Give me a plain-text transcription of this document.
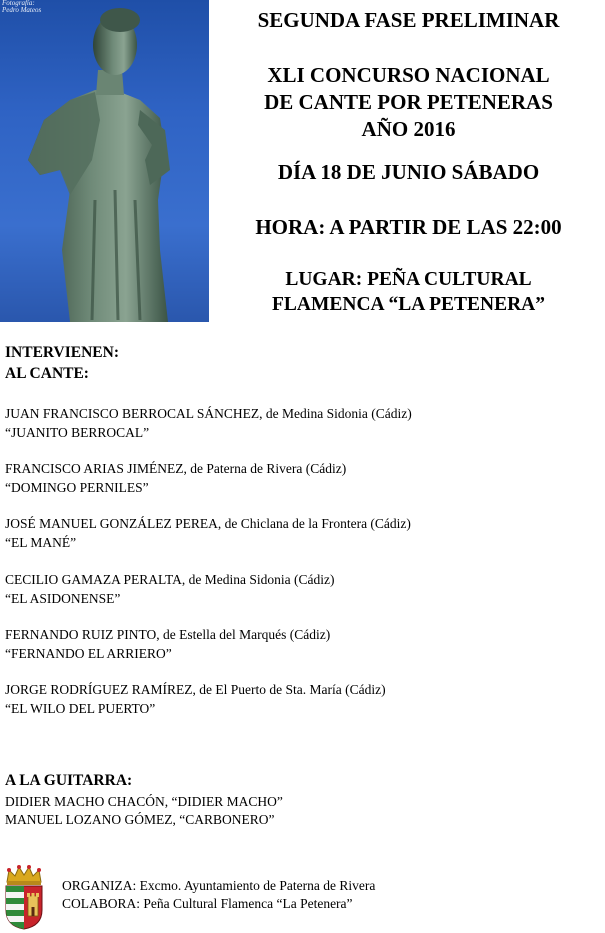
Fotografía:
Pedro Mateos	SEGUNDA FASE PRELIMINAR
XLI CONCURSO NACIONAL
DE CANTE POR PETENERAS
AÑO 2016
DÍA 18 DE JUNIO SÁBADO
HORA: A PARTIR DE LAS 22:00
LUGAR: PEÑA CULTURAL
FLAMENCA “LA PETENERA”
INTERVIENEN:
AL CANTE:
JUAN FRANCISCO BERROCAL SÁNCHEZ, de Medina Sidonia (Cádiz)
“JUANITO BERROCAL”
FRANCISCO ARIAS JIMÉNEZ, de Paterna de Rivera (Cádiz)
“DOMINGO PERNILES”
JOSÉ MANUEL GONZÁLEZ PEREA, de Chiclana de la Frontera (Cádiz)
“EL MANÉ”
CECILIO GAMAZA PERALTA, de Medina Sidonia (Cádiz)
“EL ASIDONENSE”
FERNANDO RUIZ PINTO, de Estella del Marqués (Cádiz)
“FERNANDO EL ARRIERO”
JORGE RODRÍGUEZ RAMÍREZ, de El Puerto de Sta. María (Cádiz)
“EL WILO DEL PUERTO”
A LA GUITARRA:
DIDIER MACHO CHACÓN, “DIDIER MACHO”
MANUEL LOZANO GÓMEZ, “CARBONERO”
ORGANIZA: Excmo. Ayuntamiento de Paterna de Rivera
COLABORA: Peña Cultural Flamenca “La Petenera”
